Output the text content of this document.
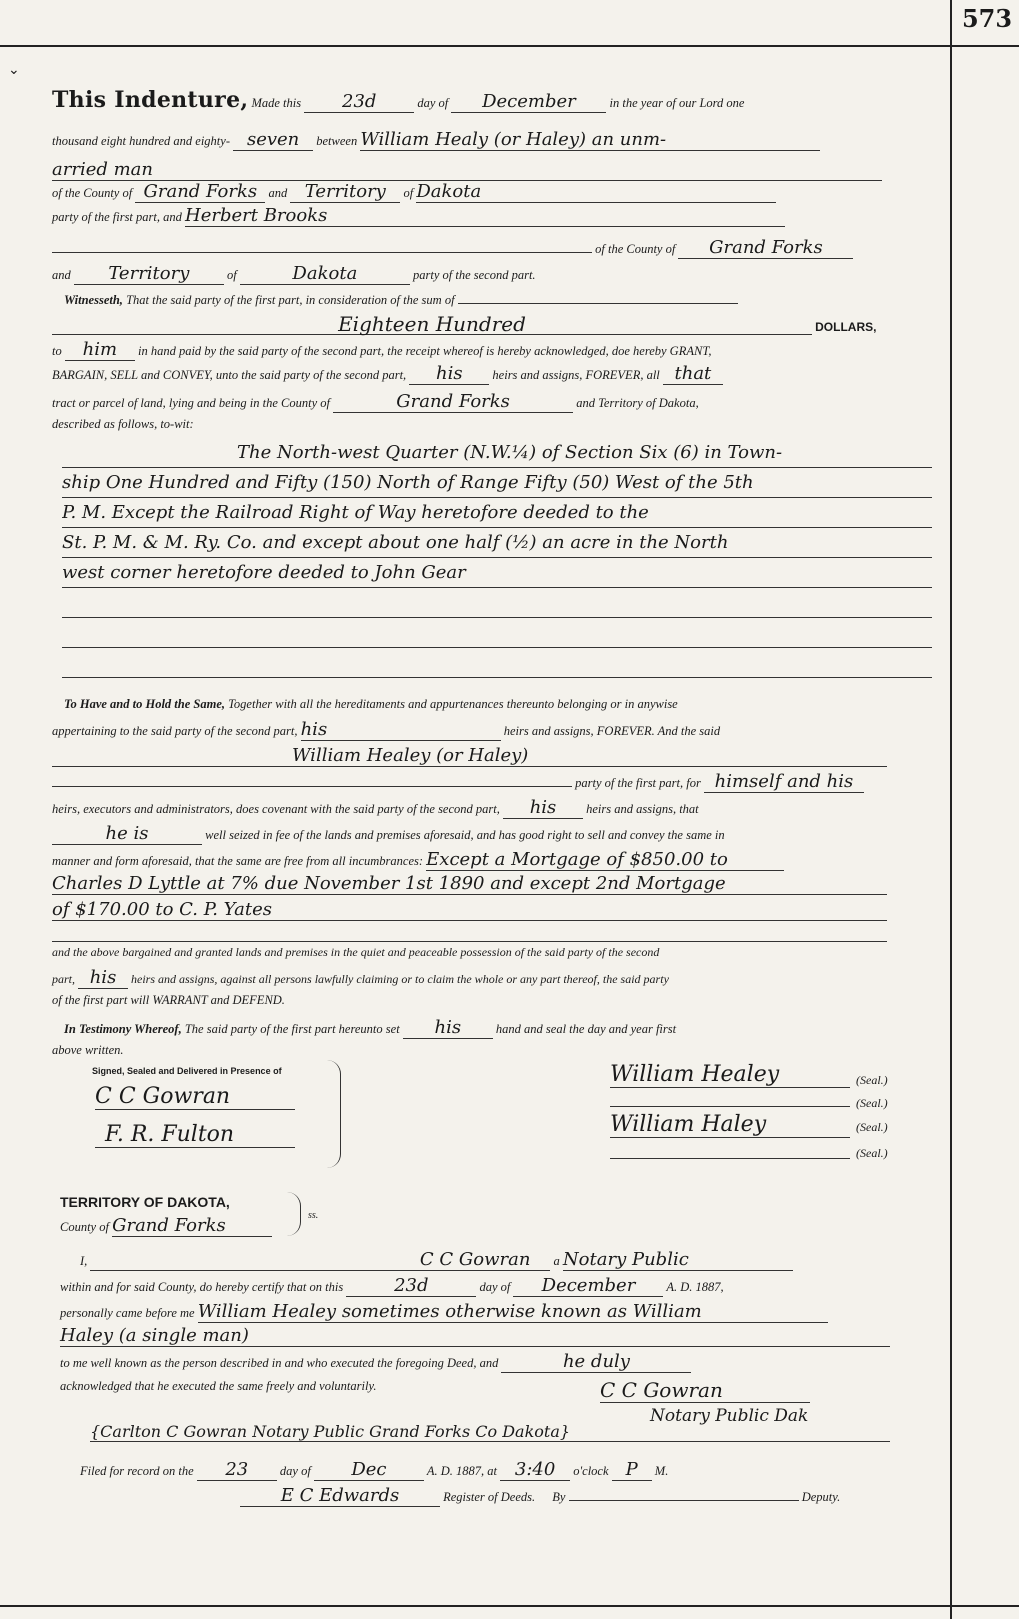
573
⌄
This Indenture, Made this 23d	day of December	in the year of our Lord one
thousand eight hundred and eighty- seven between William Healy (or Haley) an unm-
arried man
of the County of Grand Forks and Territory of Dakota
party of the first part, and Herbert Brooks
of the County of Grand Forks
and Territory	of	Dakota	party of the second part.
Witnesseth, That the said party of the first part, in consideration of the sum of
Eighteen Hundred	DOLLARS,
to him in hand paid by the said party of the second part, the receipt whereof is hereby acknowledged, doe hereby GRANT,
BARGAIN, SELL and CONVEY, unto the said party of the second part, his heirs and assigns, FOREVER, all that
tract or parcel of land, lying and being in the County of	Grand Forks	and Territory of Dakota,
described as follows, to-wit:
The North-west Quarter (N.W.¼) of Section Six (6) in Town-
ship One Hundred and Fifty (150) North of Range Fifty (50) West of the 5th
P. M. Except the Railroad Right of Way heretofore deeded to the
St. P. M. & M. Ry. Co. and except about one half (½) an acre in the North
west corner heretofore deeded to John Gear

To Have and to Hold the Same, Together with all the hereditaments and appurtenances thereunto belonging or in anywise
appertaining to the said party of the second part, his	heirs and assigns, FOREVER. And the said
William Healey (or Haley)
party of the first part, for himself and his
heirs, executors and administrators, does covenant with the said party of the second part, his heirs and assigns, that
he is	well seized in fee of the lands and premises aforesaid, and has good right to sell and convey the same in
manner and form aforesaid, that the same are free from all incumbrances: Except a Mortgage of $850.00 to
Charles D Lyttle at 7% due November 1st 1890 and except 2nd Mortgage
of $170.00 to C. P. Yates
and the above bargained and granted lands and premises in the quiet and peaceable possession of the said party of the second
part, his heirs and assigns, against all persons lawfully claiming or to claim the whole or any part thereof, the said party
of the first part will WARRANT and DEFEND.
In Testimony Whereof, The said party of the first part hereunto set his	hand and seal the day and year first
above written.
Signed, Sealed and Delivered in Presence of
C C Gowran
F. R. Fulton
William Healey	(Seal.)
(Seal.)
William Haley	(Seal.)
(Seal.)
TERRITORY OF DAKOTA,
County of Grand Forks	ss.
I,	C C Gowran a Notary Public
within and for said County, do hereby certify that on this	23d	day of December A. D. 1887,
personally came before me William Healey sometimes otherwise known as William
Haley (a single man)
to me well known as the person described in and who executed the foregoing Deed, and	he duly
acknowledged that he executed the same freely and voluntarily.	C C Gowran
Notary Public Dak
{Carlton C Gowran Notary Public Grand Forks Co Dakota}
Filed for record on the 23	day of Dec	A. D. 1887, at 3:40 o'clock P M.
E C Edwards	Register of Deeds. By	Deputy.
